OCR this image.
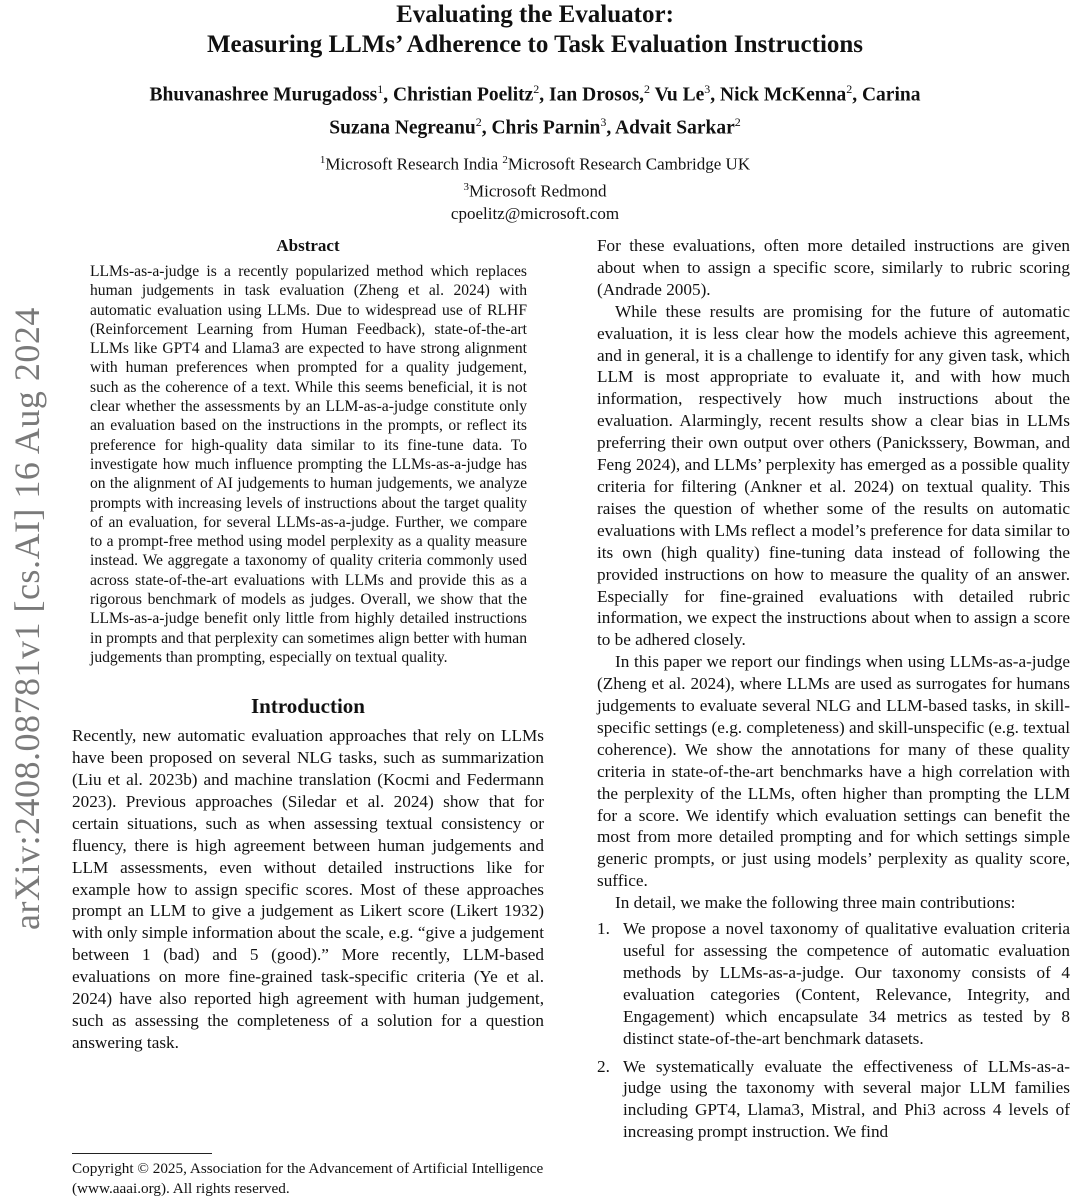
Evaluating the Evaluator:
Measuring LLMs’ Adherence to Task Evaluation Instructions
Bhuvanashree Murugadoss$^1$, Christian Poelitz$^2$, Ian Drosos,$^2$ Vu Le$^3$, Nick McKenna$^2$, Carina
Suzana Negreanu$^2$, Chris Parnin$^3$, Advait Sarkar$^2$
$^1$Microsoft Research India $^2$Microsoft Research Cambridge UK
$^3$Microsoft Redmond
cpoelitz@microsoft.com
arXiv:2408.08781v1 [cs.AI] 16 Aug 2024
Abstract

LLMs-as-a-judge is a recently popularized method which replaces human judgements in task evaluation (Zheng et al. 2024) with automatic evaluation using LLMs. Due to widespread use of RLHF (Reinforcement Learning from Human Feedback), state-of-the-art LLMs like GPT4 and Llama3 are expected to have strong alignment with human preferences when prompted for a quality judgement, such as the coherence of a text. While this seems beneficial, it is not clear whether the assessments by an LLM-as-a-judge constitute only an evaluation based on the instructions in the prompts, or reflect its preference for high-quality data similar to its fine-tune data. To investigate how much influence prompting the LLMs-as-a-judge has on the alignment of AI judgements to human judgements, we analyze prompts with increasing levels of instructions about the target quality of an evaluation, for several LLMs-as-a-judge. Further, we compare to a prompt-free method using model perplexity as a quality measure instead. We aggregate a taxonomy of quality criteria commonly used across state-of-the-art evaluations with LLMs and provide this as a rigorous benchmark of models as judges. Overall, we show that the LLMs-as-a-judge benefit only little from highly detailed instructions in prompts and that perplexity can sometimes align better with human judgements than prompting, especially on textual quality.

Introduction

Recently, new automatic evaluation approaches that rely on LLMs have been proposed on several NLG tasks, such as summarization (Liu et al. 2023b) and machine translation (Kocmi and Federmann 2023). Previous approaches (Siledar et al. 2024) show that for certain situations, such as when assessing textual consistency or fluency, there is high agreement between human judgements and LLM assessments, even without detailed instructions like for example how to assign specific scores. Most of these approaches prompt an LLM to give a judgement as Likert score (Likert 1932) with only simple information about the scale, e.g. “give a judgement between 1 (bad) and 5 (good).” More recently, LLM-based evaluations on more fine-grained task-specific criteria (Ye et al. 2024) have also reported high agreement with human judgement, such as assessing the completeness of a solution for a question answering task.

For these evaluations, often more detailed instructions are given about when to assign a specific score, similarly to rubric scoring (Andrade 2005).

While these results are promising for the future of automatic evaluation, it is less clear how the models achieve this agreement, and in general, it is a challenge to identify for any given task, which LLM is most appropriate to evaluate it, and with how much information, respectively how much instructions about the evaluation. Alarmingly, recent results show a clear bias in LLMs preferring their own output over others (Panickssery, Bowman, and Feng 2024), and LLMs’ perplexity has emerged as a possible quality criteria for filtering (Ankner et al. 2024) on textual quality. This raises the question of whether some of the results on automatic evaluations with LMs reflect a model’s preference for data similar to its own (high quality) fine-tuning data instead of following the provided instructions on how to measure the quality of an answer. Especially for fine-grained evaluations with detailed rubric information, we expect the instructions about when to assign a score to be adhered closely.

In this paper we report our findings when using LLMs-as-a-judge (Zheng et al. 2024), where LLMs are used as surrogates for humans judgements to evaluate several NLG and LLM-based tasks, in skill-specific settings (e.g. completeness) and skill-unspecific (e.g. textual coherence). We show the annotations for many of these quality criteria in state-of-the-art benchmarks have a high correlation with the perplexity of the LLMs, often higher than prompting the LLM for a score. We identify which evaluation settings can benefit the most from more detailed prompting and for which settings simple generic prompts, or just using models’ perplexity as quality score, suffice.

In detail, we make the following three main contributions:

1. We propose a novel taxonomy of qualitative evaluation criteria useful for assessing the competence of automatic evaluation methods by LLMs-as-a-judge. Our taxonomy consists of 4 evaluation categories (Content, Relevance, Integrity, and Engagement) which encapsulate 34 metrics as tested by 8 distinct state-of-the-art benchmark datasets.
2. We systematically evaluate the effectiveness of LLMs-as-a-judge using the taxonomy with several major LLM families including GPT4, Llama3, Mistral, and Phi3 across 4 levels of increasing prompt instruction. We find
Copyright © 2025, Association for the Advancement of Artificial Intelligence (www.aaai.org). All rights reserved.
